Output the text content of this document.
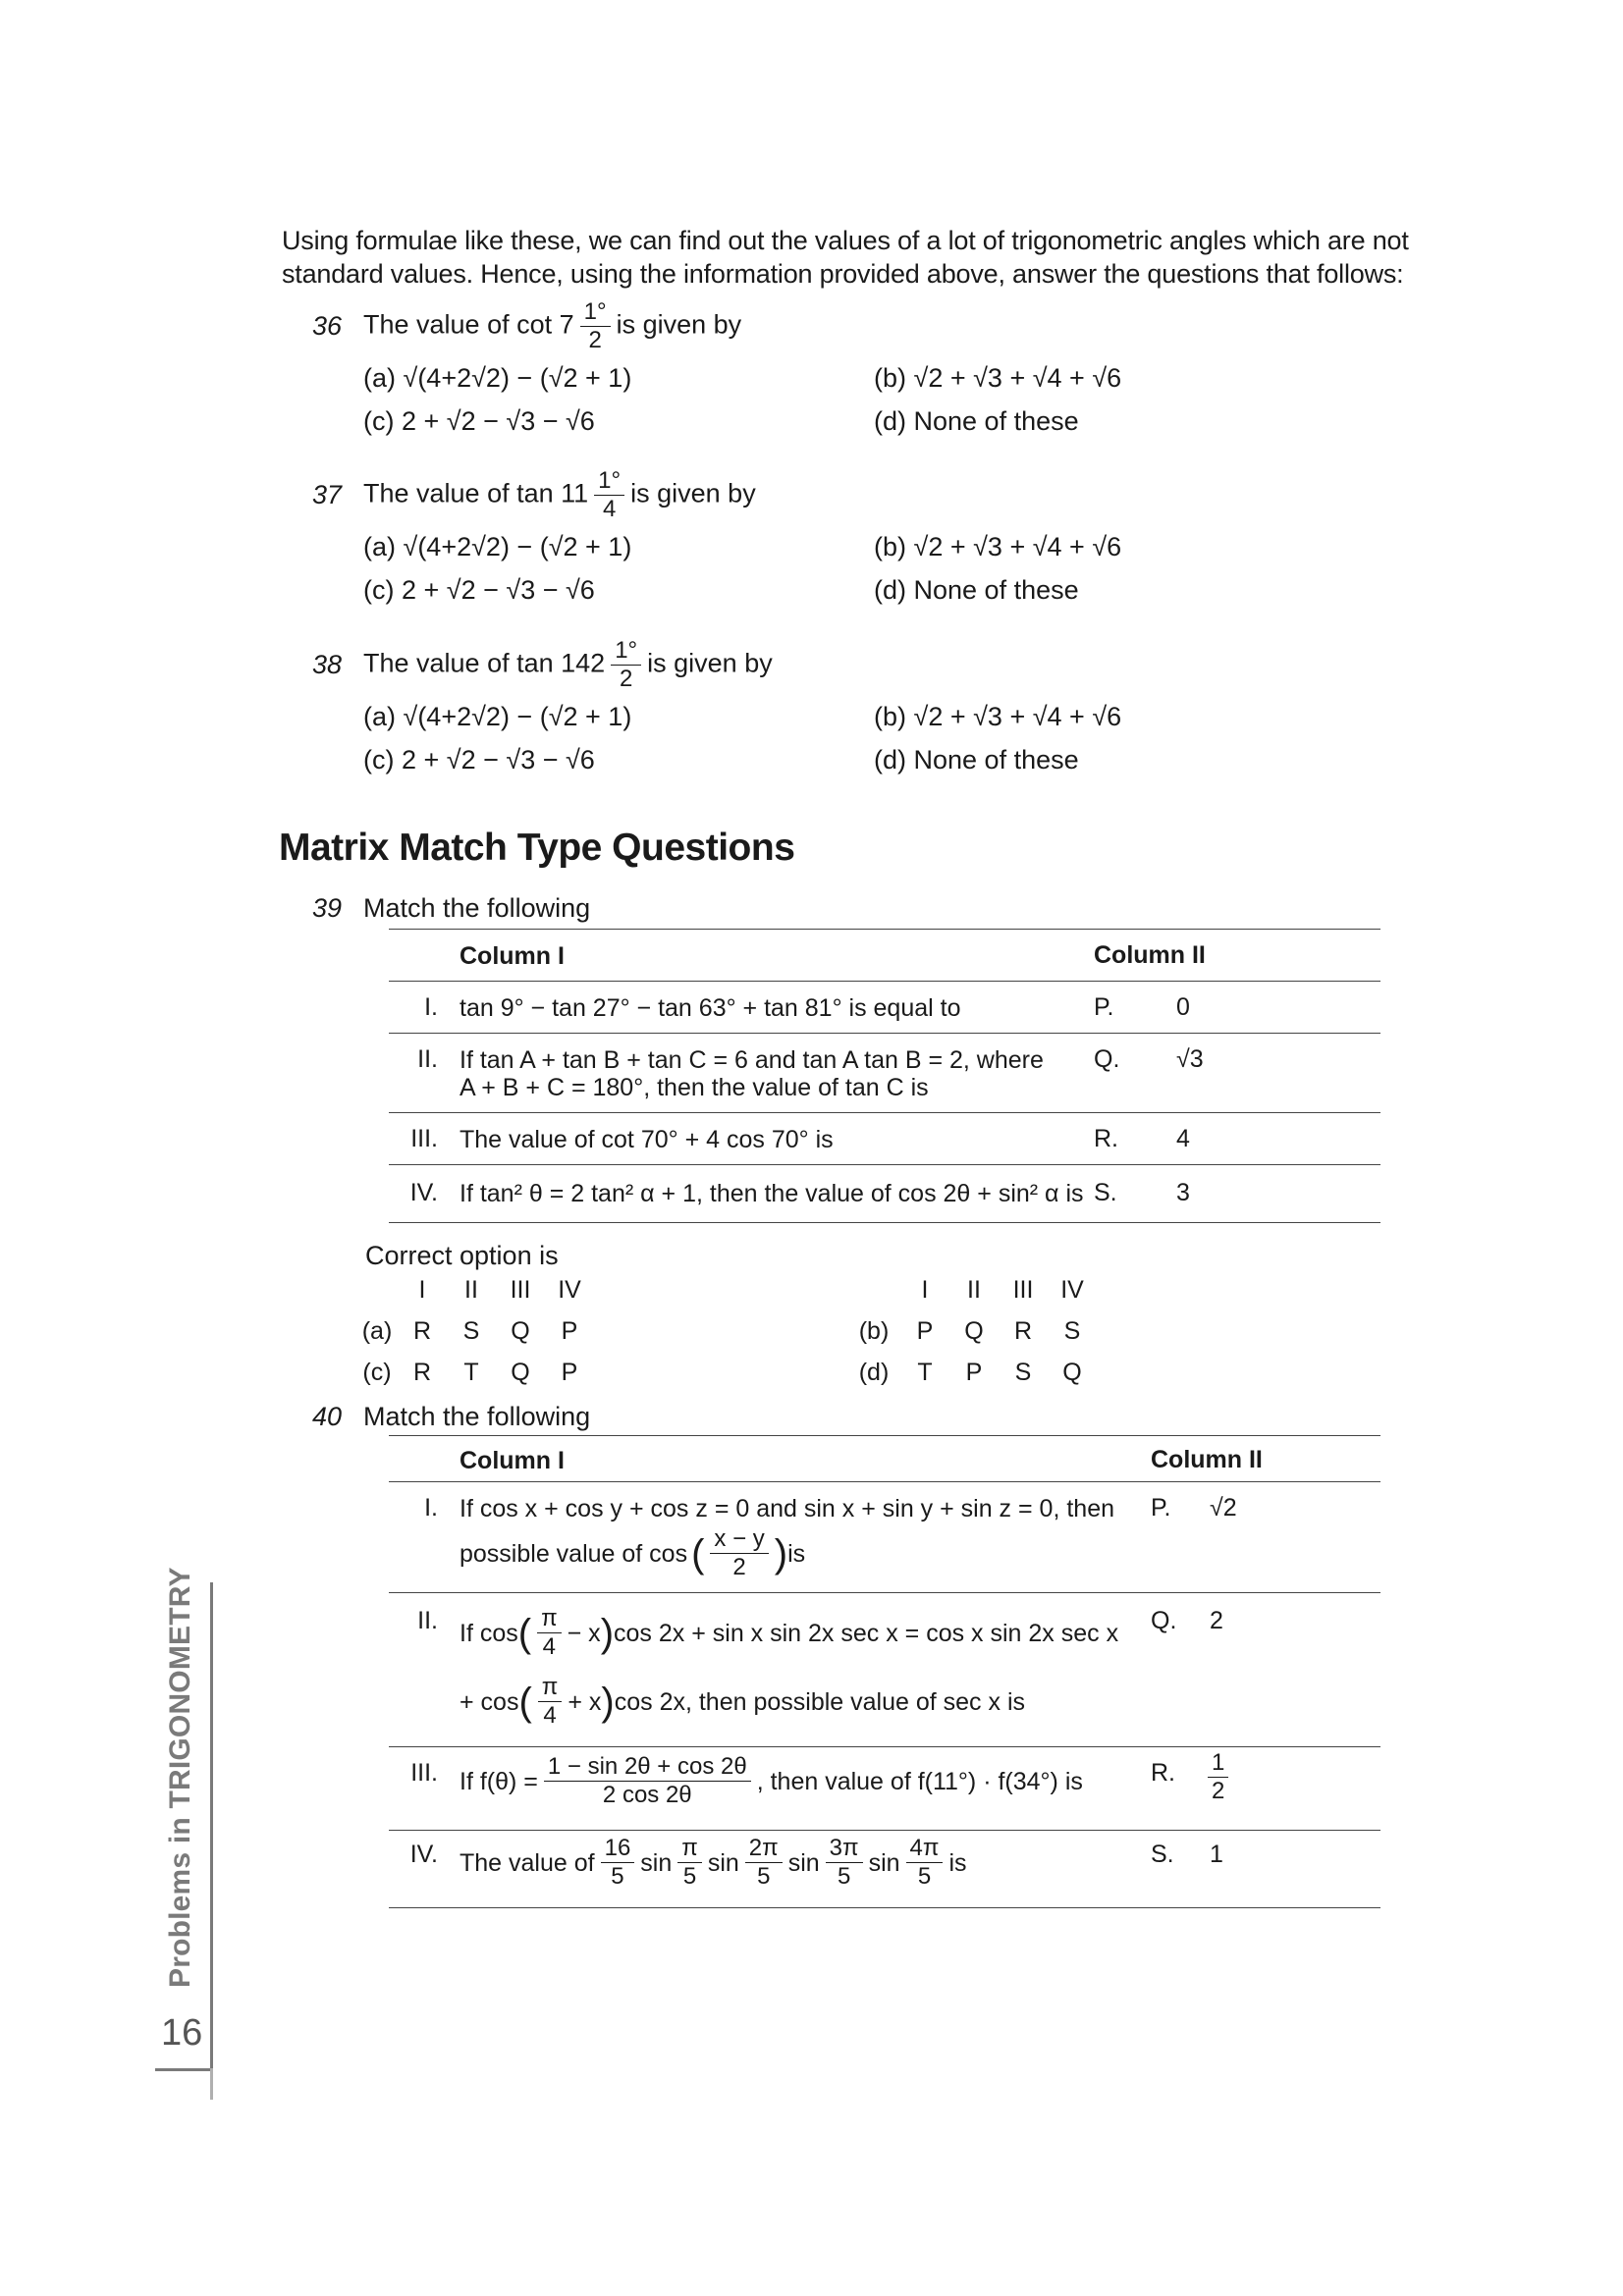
Using formulae like these, we can find out the values of a lot of trigonometric angles which are not standard values. Hence, using the information provided above, answer the questions that follows:
36 The value of $\cot 7 \frac{1^\circ}{2}$ is given by
(a) √(4+2√2) − (√2 + 1)	(b) √2 + √3 + √4 + √6
(c) 2 + √2 − √3 − √6	(d) None of these
37 The value of $\tan 11 \frac{1^\circ}{4}$ is given by
(a) √(4+2√2) − (√2 + 1)	(b) √2 + √3 + √4 + √6
(c) 2 + √2 − √3 − √6	(d) None of these
38 The value of $\tan 142 \frac{1^\circ}{2}$ is given by
(a) √(4+2√2) − (√2 + 1)	(b) √2 + √3 + √4 + √6
(c) 2 + √2 − √3 − √6	(d) None of these
Matrix Match Type Questions
39 Match the following
Column I	Column II
I. tan 9° − tan 27° − tan 63° + tan 81° is equal to	P.	0
II. If tan A + tan B + tan C = 6 and tan A tan B = 2, where
A + B + C = 180°, then the value of tan C is
Q. √3
III. The value of cot 70° + 4 cos 70° is	R. 4
IV. If tan² θ = 2 tan² α + 1, then the value of cos 2θ + sin² α is S. 3
Correct option is
I	II	III	IV
(a) R	S	Q	P
(c) R	T	Q	P
I	II	III	IV
(b)	P	Q	R	S
(d)	T	P	S	Q
40 Match the following
Column I	Column II
I. If cos x + cos y + cos z = 0 and sin x + sin y + sin z = 0, then
possible value of cos ( $\frac{x - y}{2}$ ) is
P. √2
II. If cos ( $\frac{\pi}{4} - x$ ) cos 2x + sin x sin 2x sec x = cos x sin 2x sec x
+ cos ( $\frac{\pi}{4} + x$ ) cos 2x, then possible value of sec x is
Q. 2
III. If $f(\theta) = \frac{1 - \sin 2\theta + \cos 2\theta}{2 \cos 2\theta}$ , then value of f(11°) · f(34°) is	R. $\frac{1}{2}$
IV. The value of $\frac{16}{5}$ $\sin \frac{\pi}{5}$ $\sin \frac{2\pi}{5}$ $\sin \frac{3\pi}{5}$ $\sin \frac{4\pi}{5}$ is	S. 1
Problems in TRIGONOMETRY
16
